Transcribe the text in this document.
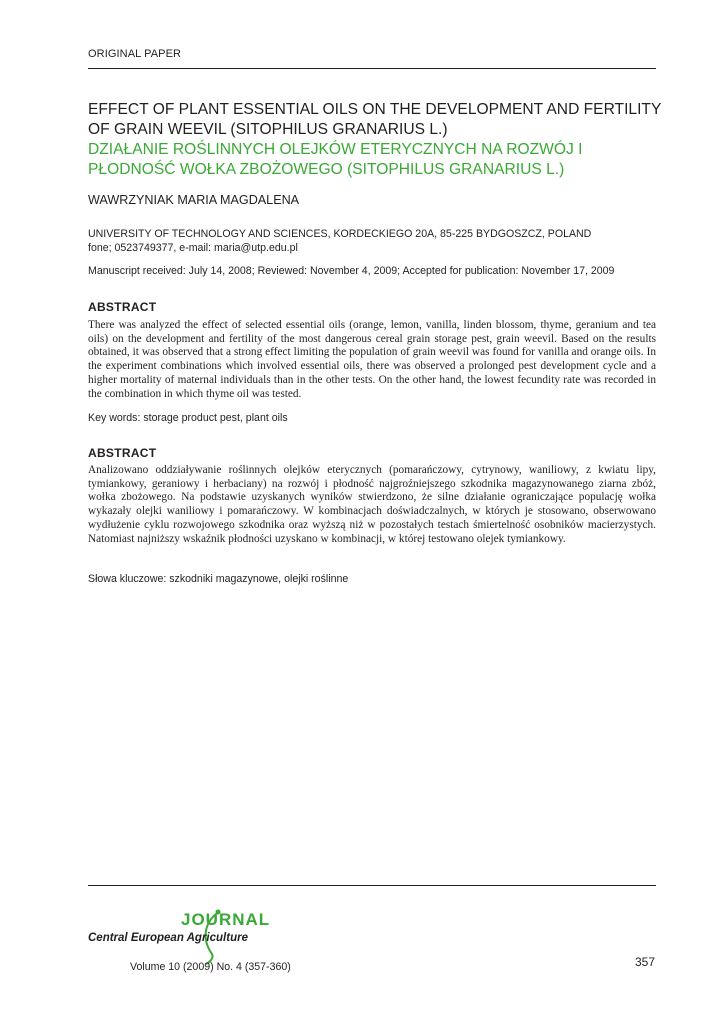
ORIGINAL PAPER
EFFECT OF PLANT ESSENTIAL OILS ON THE DEVELOPMENT AND FERTILITY OF GRAIN WEEVIL (SITOPHILUS GRANARIUS L.)
DZIAŁANIE ROŚLINNYCH OLEJKÓW ETERYCZNYCH NA ROZWÓJ I PŁODNOŚĆ WOŁKA ZBOŻOWEGO (SITOPHILUS GRANARIUS L.)
WAWRZYNIAK MARIA MAGDALENA
UNIVERSITY OF TECHNOLOGY AND SCIENCES, KORDECKIEGO 20A, 85-225 BYDGOSZCZ, POLAND
fone; 0523749377, e-mail: maria@utp.edu.pl
Manuscript received: July 14, 2008; Reviewed: November 4, 2009; Accepted for publication: November 17, 2009
ABSTRACT
There was analyzed the effect of selected essential oils (orange, lemon, vanilla, linden blossom, thyme, geranium and tea oils) on the development and fertility of the most dangerous cereal grain storage pest, grain weevil. Based on the results obtained, it was observed that a strong effect limiting the population of grain weevil was found for vanilla and orange oils. In the experiment combinations which involved essential oils, there was observed a prolonged pest development cycle and a higher mortality of maternal individuals than in the other tests. On the other hand, the lowest fecundity rate was recorded in the combination in which thyme oil was tested.
Key words: storage product pest, plant oils
ABSTRACT
Analizowano oddziaływanie roślinnych olejków eterycznych (pomarańczowy, cytrynowy, waniliowy, z kwiatu lipy, tymiankowy, geraniowy i herbaciany) na rozwój i płodność najgroźniejszego szkodnika magazynowanego ziarna zbóż, wołka zbożowego. Na podstawie uzyskanych wyników stwierdzono, że silne działanie ograniczające populację wołka wykazały olejki waniliowy i pomarańczowy. W kombinacjach doświadczalnych, w których je stosowano, obserwowano wydłużenie cyklu rozwojowego szkodnika oraz wyższą niż w pozostałych testach śmiertelność osobników macierzystych. Natomiast najniższy wskaźnik płodności uzyskano w kombinacji, w której testowano olejek tymiankowy.
Słowa kluczowe: szkodniki magazynowe, olejki roślinne
JOURNAL
Central European Agriculture
Volume 10 (2009) No. 4 (357-360)	357
